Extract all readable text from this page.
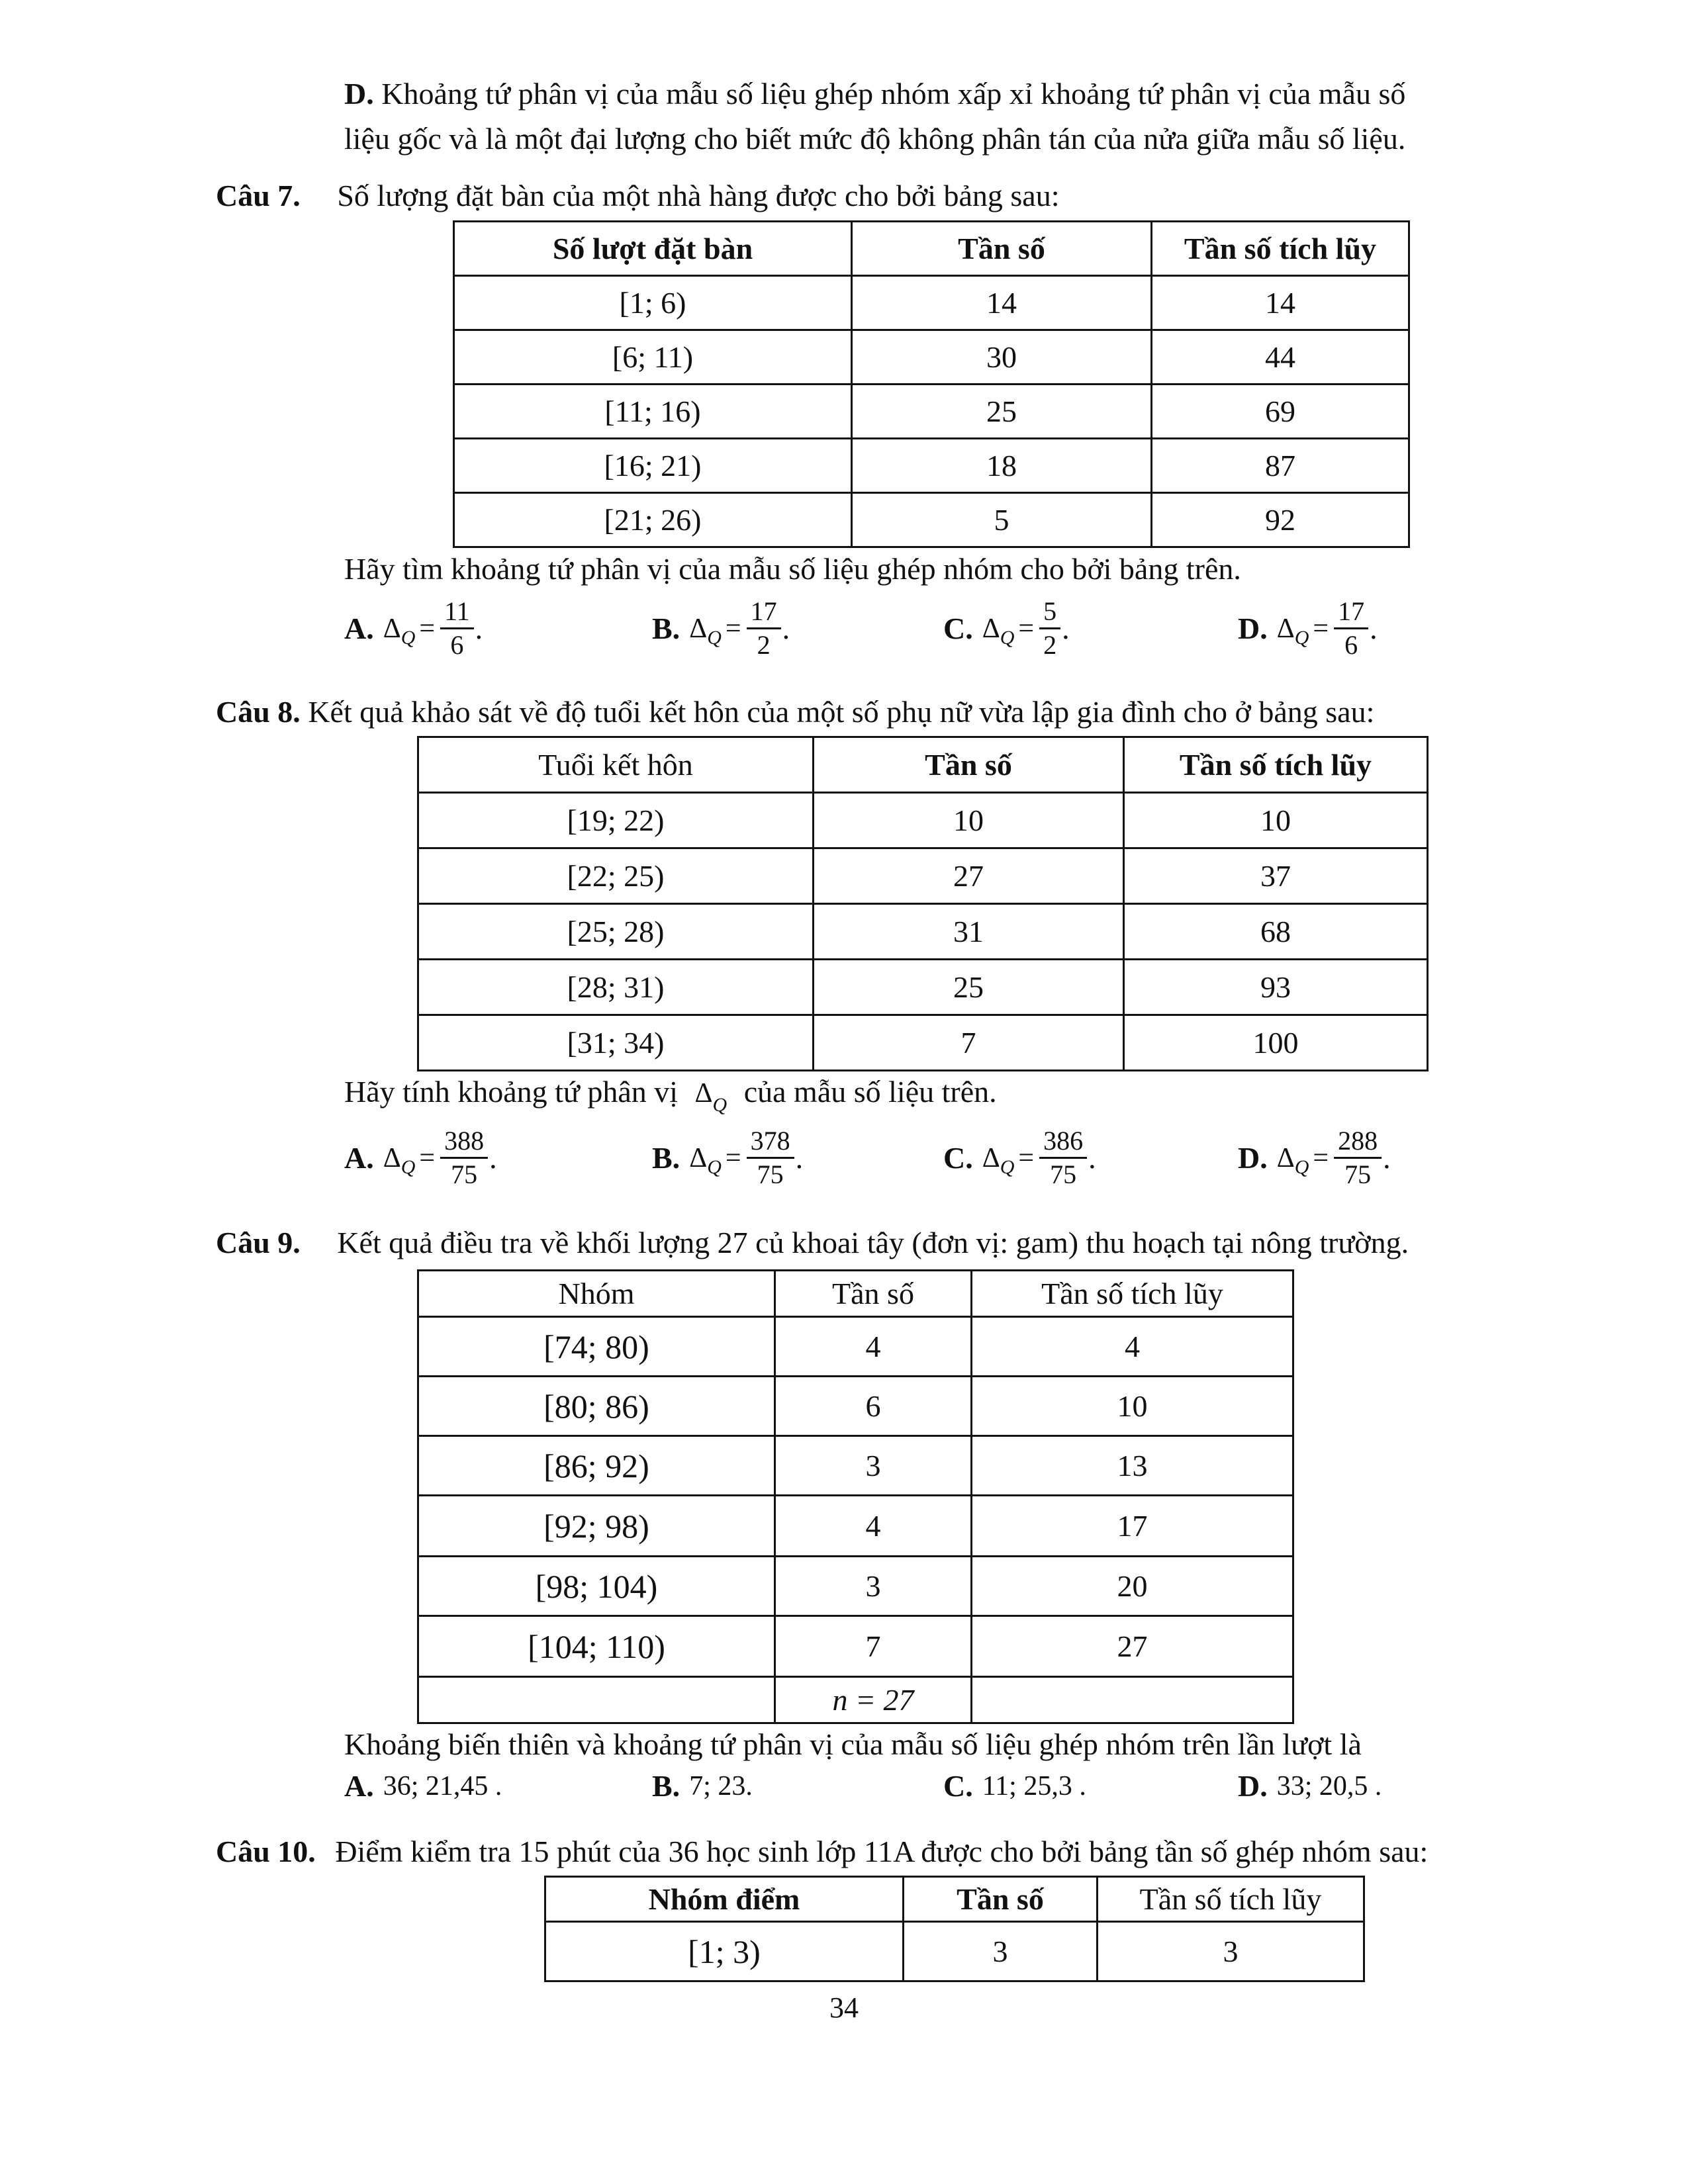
D. Khoảng tứ phân vị của mẫu số liệu ghép nhóm xấp xỉ khoảng tứ phân vị của mẫu số
liệu gốc và là một đại lượng cho biết mức độ không phân tán của nửa giữa mẫu số liệu.
Câu 7. Số lượng đặt bàn của một nhà hàng được cho bởi bảng sau:
Số lượt đặt bàn	Tần số	Tần số tích lũy
[1; 6)	14	14
[6; 11)	30	44
[11; 16)	25	69
[16; 21)	18	87
[21; 26)	5	92
Hãy tìm khoảng tứ phân vị của mẫu số liệu ghép nhóm cho bởi bảng trên.
A. Δ $Q = \frac{11}{6}$ .	B. Δ $Q = \frac{17}{2}$ .	C. Δ $Q = \frac{5}{2}$ .	D. Δ $Q = \frac{17}{6}$ .
Câu 8. Kết quả khảo sát về độ tuổi kết hôn của một số phụ nữ vừa lập gia đình cho ở bảng sau:
Tuổi kết hôn	Tần số	Tần số tích lũy
[19; 22)	10	10
[22; 25)	27	37
[25; 28)	31	68
[28; 31)	25	93
[31; 34)	7	100
Hãy tính khoảng tứ phân vị $\Delta_Q$ của mẫu số liệu trên.
A. Δ $Q = \frac{388}{75}$ .	B. Δ $Q = \frac{378}{75}$ .	C. Δ $Q = \frac{386}{75}$ .	D. Δ $Q = \frac{288}{75}$ .
Câu 9. Kết quả điều tra về khối lượng 27 củ khoai tây (đơn vị: gam) thu hoạch tại nông trường.
Nhóm	Tần số	Tần số tích lũy
[74; 80)	4	4
[80; 86)	6	10
[86; 92)	3	13
[92; 98)	4	17
[98; 104)	3	20
[104; 110)	7	27
	n = 27	
Khoảng biến thiên và khoảng tứ phân vị của mẫu số liệu ghép nhóm trên lần lượt là
A. 36; 21,45 .	B. 7; 23.	C. 11; 25,3 .	D. 33; 20,5 .
Câu 10. Điểm kiểm tra 15 phút của 36 học sinh lớp 11A được cho bởi bảng tần số ghép nhóm sau:
Nhóm điểm	Tần số	Tần số tích lũy
[1; 3)	3	3
34
